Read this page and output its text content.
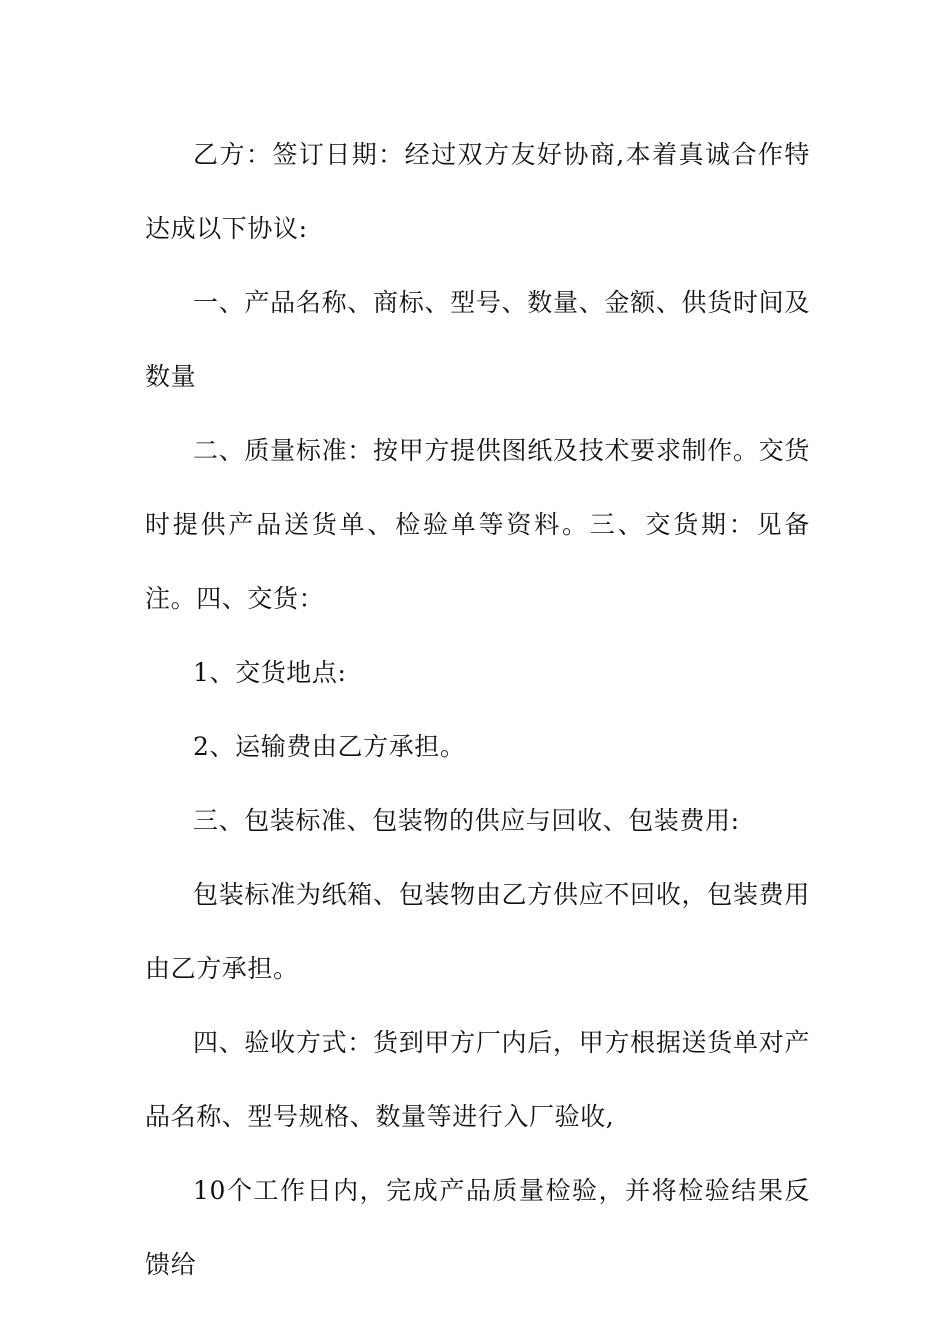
乙方：签订日期：经过双方友好协商,本着真诚合作特达成以下协议:

一、产品名称、商标、型号、数量、金额、供货时间及数量

二、质量标准：按甲方提供图纸及技术要求制作。交货时提供产品送货单、检验单等资料。三、交货期：见备注。四、交货：

1、交货地点:

2、运输费由乙方承担。

三、包装标准、包装物的供应与回收、包装费用:

包装标准为纸箱、包装物由乙方供应不回收，包装费用由乙方承担。

四、验收方式：货到甲方厂内后，甲方根据送货单对产品名称、型号规格、数量等进行入厂验收,

10个工作日内，完成产品质量检验，并将检验结果反馈给
